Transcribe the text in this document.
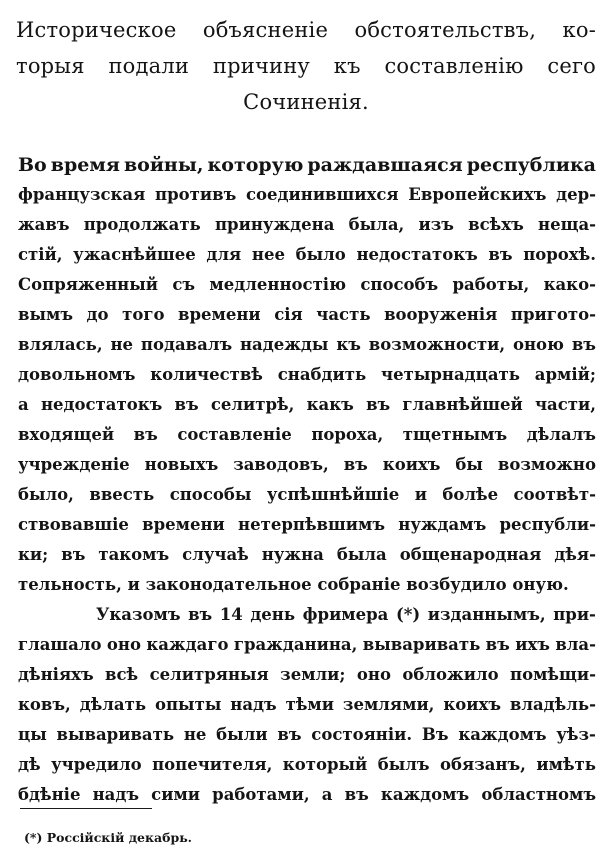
Историческое объясненіе обстоятельствъ, ко-
торыя подали причину къ составленію сего
Сочиненія.
Во время войны, которую раждавшаяся республика
французская противъ соединившихся Европейскихъ дер-
жавъ продолжать принуждена была, изъ всѣхъ нещa-
стій, ужаснѣйшее для нее было недостатокъ въ порохѣ.
Сопряженный съ медленностію способъ работы, како-
вымъ до того времени сія часть вооруженія пригото-
влялась, не подавалъ надежды къ возможности, оною въ
довольномъ количествѣ снабдить четырнадцать армій;
а недостатокъ въ селитрѣ, какъ въ главнѣйшей части,
входящей въ составленіе пороха, тщетнымъ дѣлалъ
учрежденіе новыхъ заводовъ, въ коихъ бы возможно
было, ввесть способы успѣшнѣйшіе и болѣе соотвѣт-
ствовавшіе времени нетерпѣвшимъ нуждамъ республи-
ки; въ такомъ случаѣ нужна была общенародная дѣя-
тельность, и законодательное собраніе возбудило оную.
Указомъ въ 14 день фримера (*) изданнымъ, при-
глашало оно каждаго гражданина, вываривать въ ихъ вла-
дѣніяхъ всѣ селитряныя земли; оно обложило помѣщи-
ковъ, дѣлать опыты надъ тѣми землями, коихъ владѣль-
цы вываривать не были въ состояніи. Въ каждомъ уѣз-
дѣ учредило попечителя, который былъ обязанъ, имѣть
бдѣніе надъ сими работами, а въ каждомъ областномъ
(*) Россійскій декабрь.
